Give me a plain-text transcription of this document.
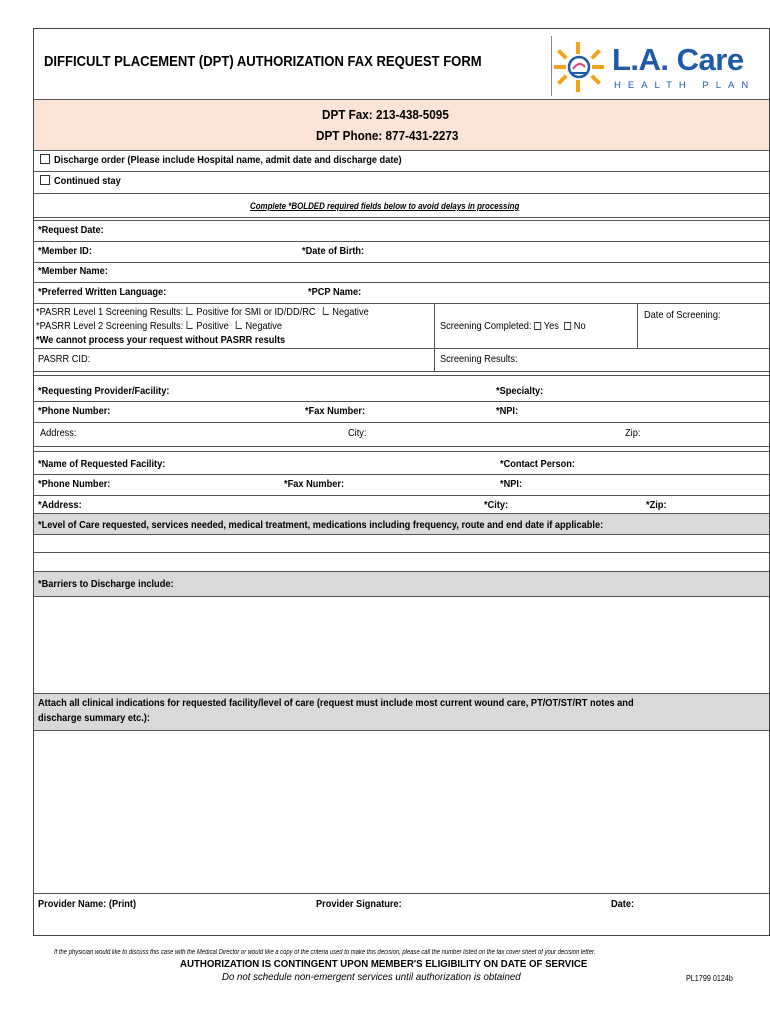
DIFFICULT PLACEMENT (DPT) AUTHORIZATION FAX REQUEST FORM	L.A. Care
HEALTH PLAN
DPT Fax: 213-438-5095
DPT Phone: 877-431-2273
Discharge order (Please include Hospital name, admit date and discharge date)
Continued stay
Complete *BOLDED required fields below to avoid delays in processing
*Request Date:
*Member ID:	*Date of Birth:
*Member Name:
*Preferred Written Language:	*PCP Name:
*PASRR Level 1 Screening Results: Positive for SMI or ID/DD/RC Negative
*PASRR Level 2 Screening Results: Positive Negative
*We cannot process your request without PASRR results
Screening Completed: Yes No
Date of Screening:
PASRR CID:	Screening Results:
*Requesting Provider/Facility:	*Specialty:
*Phone Number:	*Fax Number:	*NPI:
Address:	City:	Zip:
*Name of Requested Facility:	*Contact Person:
*Phone Number:	*Fax Number:	*NPI:
*Address:	*City:	*Zip:
*Level of Care requested, services needed, medical treatment, medications including frequency, route and end date if applicable:
*Barriers to Discharge include:
Attach all clinical indications for requested facility/level of care (request must include most current wound care, PT/OT/ST/RT notes and
discharge summary etc.):
Provider Name: (Print)	Provider Signature:	Date:
If the physician would like to discuss this case with the Medical Director or would like a copy of the criteria used to make this decision, please call the number listed on the fax cover sheet of your decision letter.
AUTHORIZATION IS CONTINGENT UPON MEMBER'S ELIGIBILITY ON DATE OF SERVICE
Do not schedule non-emergent services until authorization is obtained	PL1799 0124b
